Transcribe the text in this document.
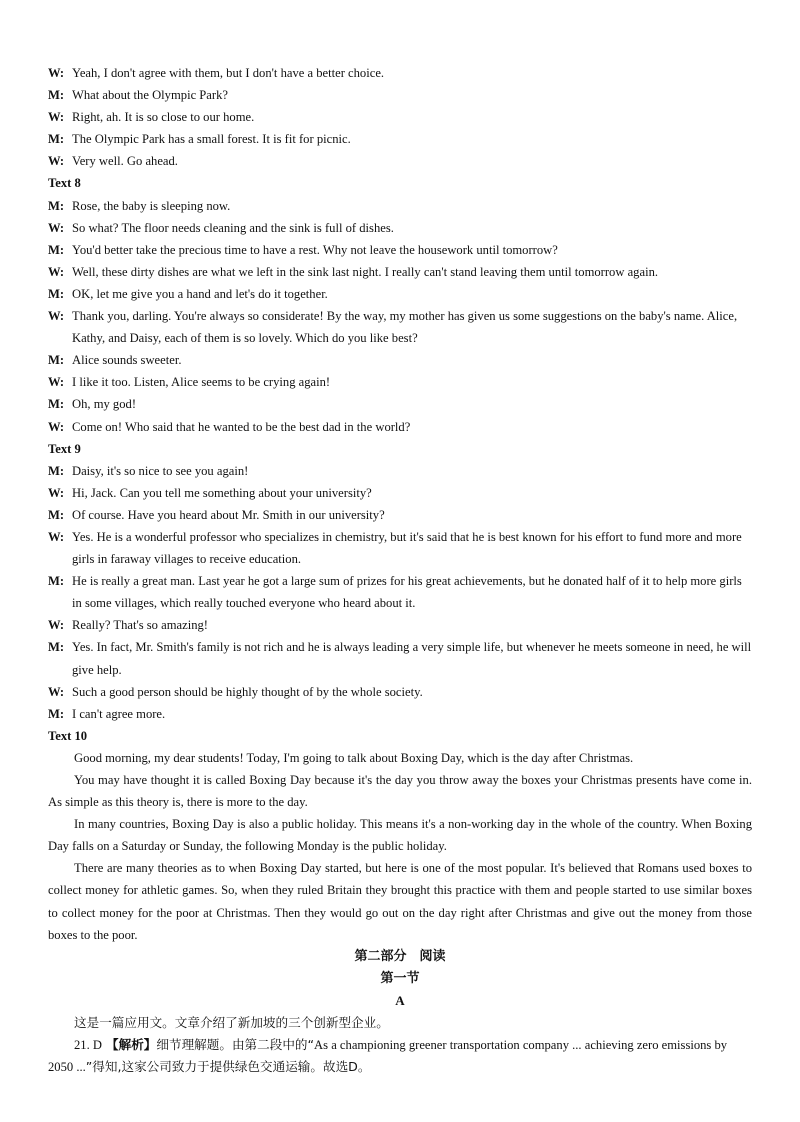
W: Yeah, I don't agree with them, but I don't have a better choice.
M: What about the Olympic Park?
W: Right, ah. It is so close to our home.
M: The Olympic Park has a small forest. It is fit for picnic.
W: Very well. Go ahead.
Text 8
M: Rose, the baby is sleeping now.
W: So what? The floor needs cleaning and the sink is full of dishes.
M: You'd better take the precious time to have a rest. Why not leave the housework until tomorrow?
W: Well, these dirty dishes are what we left in the sink last night. I really can't stand leaving them until tomorrow again.
M: OK, let me give you a hand and let's do it together.
W: Thank you, darling. You're always so considerate! By the way, my mother has given us some suggestions on the baby's name. Alice, Kathy, and Daisy, each of them is so lovely. Which do you like best?
M: Alice sounds sweeter.
W: I like it too. Listen, Alice seems to be crying again!
M: Oh, my god!
W: Come on! Who said that he wanted to be the best dad in the world?
Text 9
M: Daisy, it's so nice to see you again!
W: Hi, Jack. Can you tell me something about your university?
M: Of course. Have you heard about Mr. Smith in our university?
W: Yes. He is a wonderful professor who specializes in chemistry, but it's said that he is best known for his effort to fund more and more girls in faraway villages to receive education.
M: He is really a great man. Last year he got a large sum of prizes for his great achievements, but he donated half of it to help more girls in some villages, which really touched everyone who heard about it.
W: Really? That's so amazing!
M: Yes. In fact, Mr. Smith's family is not rich and he is always leading a very simple life, but whenever he meets someone in need, he will give help.
W: Such a good person should be highly thought of by the whole society.
M: I can't agree more.
Text 10
Good morning, my dear students! Today, I'm going to talk about Boxing Day, which is the day after Christmas.
You may have thought it is called Boxing Day because it's the day you throw away the boxes your Christmas presents have come in. As simple as this theory is, there is more to the day.
In many countries, Boxing Day is also a public holiday. This means it's a non-working day in the whole of the country. When Boxing Day falls on a Saturday or Sunday, the following Monday is the public holiday.
There are many theories as to when Boxing Day started, but here is one of the most popular. It's believed that Romans used boxes to collect money for athletic games. So, when they ruled Britain they brought this practice with them and people started to use similar boxes to collect money for the poor at Christmas. Then they would go out on the day right after Christmas and give out the money from those boxes to the poor.
第二部分　阅读
第一节
A
这是一篇应用文。文章介绍了新加坡的三个创新型企业。
21. D 【解析】细节理解题。由第二段中的“As a championing greener transportation company ... achieving zero emissions by 2050 ...”得知,这家公司致力于提供绿色交通运输。故选D。
